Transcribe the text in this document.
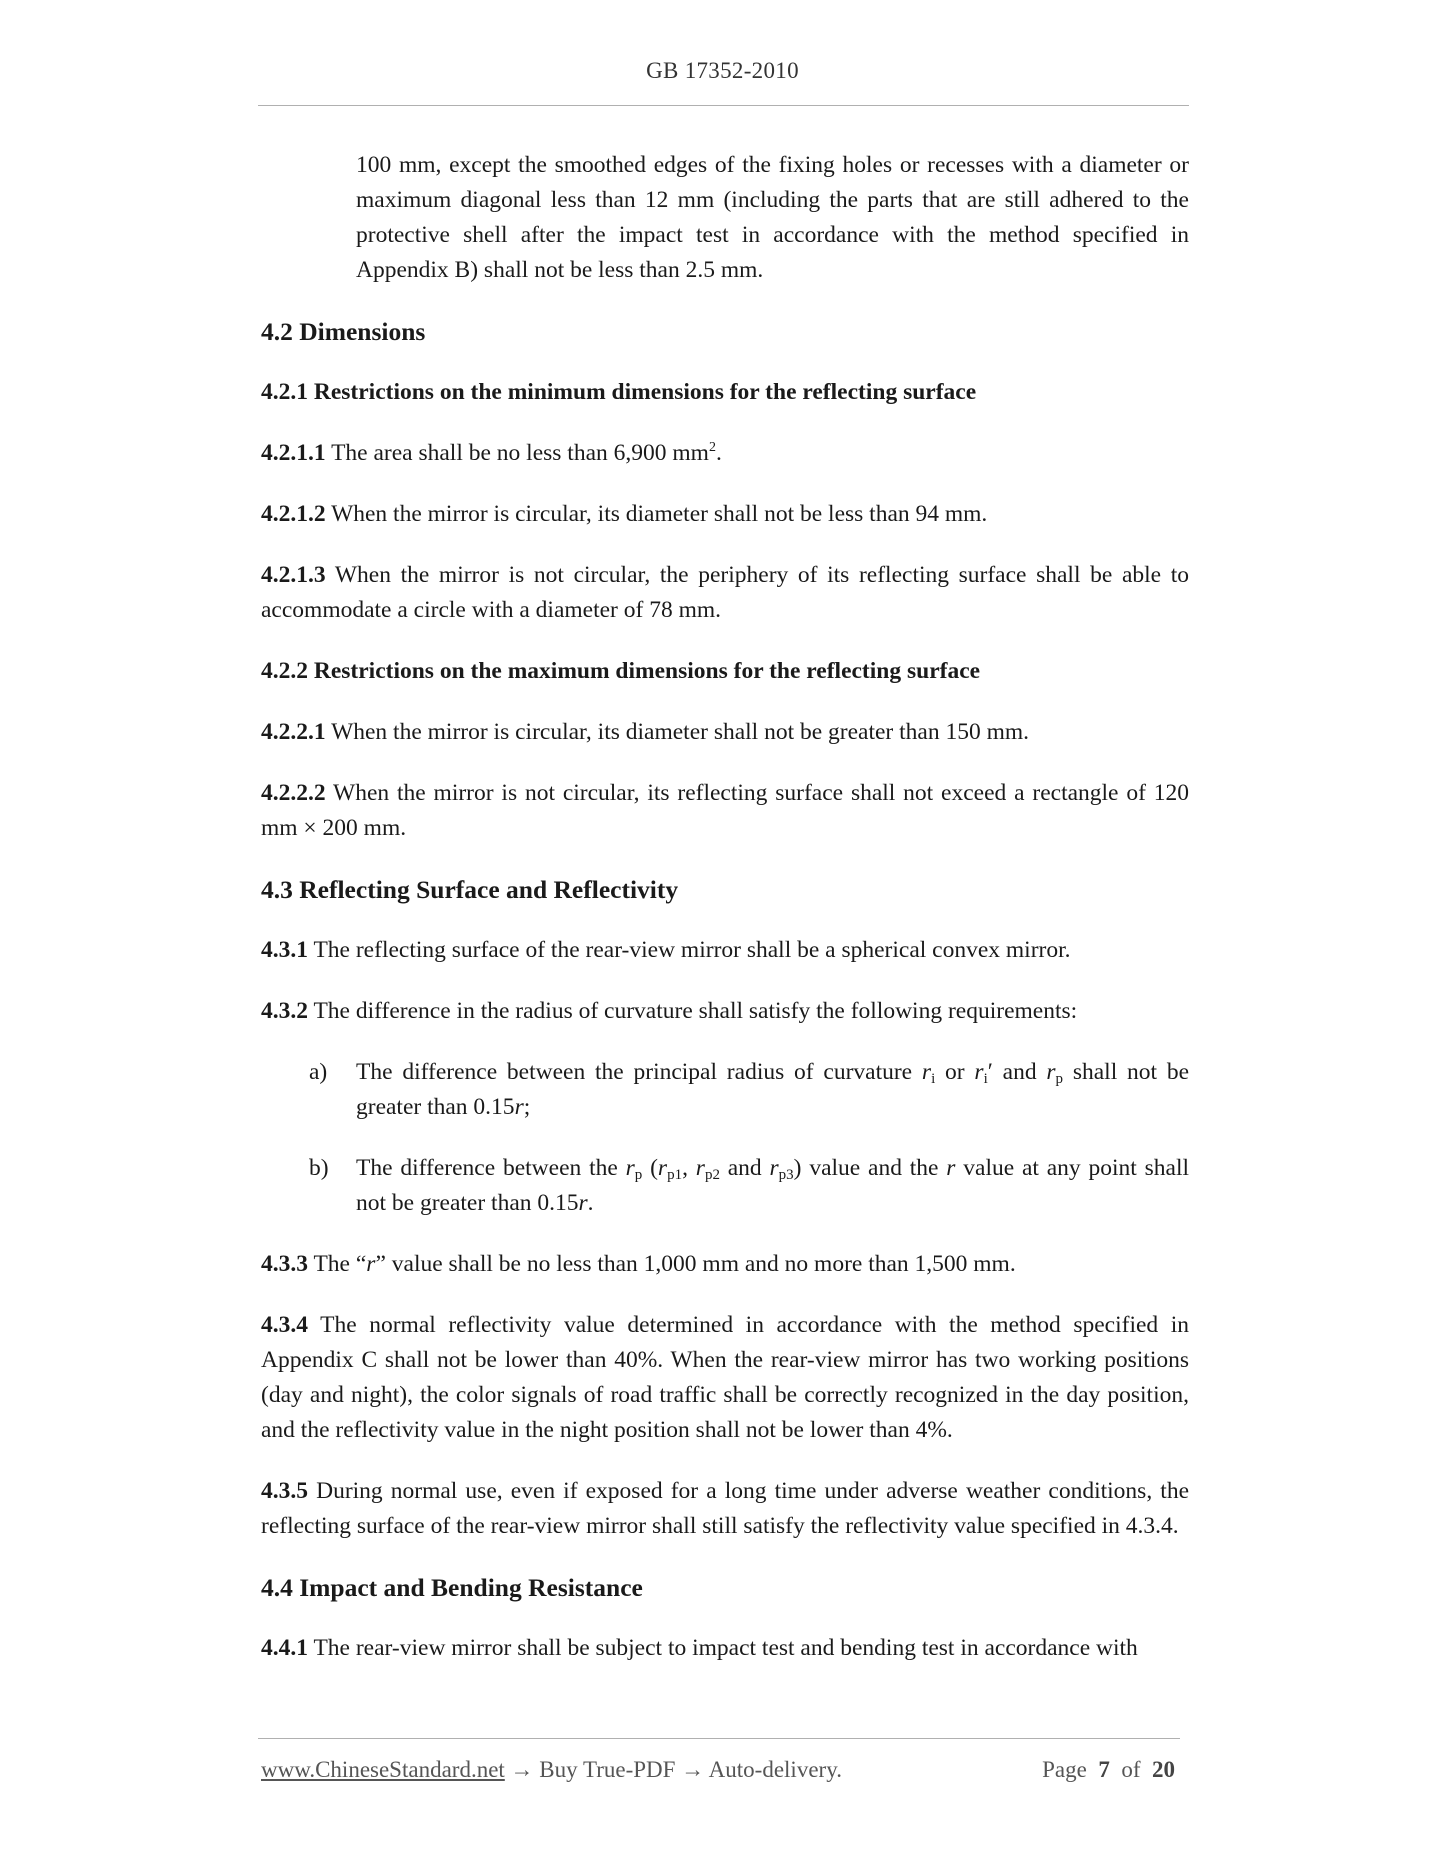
GB 17352-2010

100 mm, except the smoothed edges of the fixing holes or recesses with a diameter or maximum diagonal less than 12 mm (including the parts that are still adhered to the protective shell after the impact test in accordance with the method specified in Appendix B) shall not be less than 2.5 mm.

4.2 Dimensions
4.2.1 Restrictions on the minimum dimensions for the reflecting surface

4.2.1.1 The area shall be no less than 6,900 $mm^2$.

4.2.1.2 When the mirror is circular, its diameter shall not be less than 94 mm.

4.2.1.3 When the mirror is not circular, the periphery of its reflecting surface shall be able to accommodate a circle with a diameter of 78 mm.

4.2.2 Restrictions on the maximum dimensions for the reflecting surface

4.2.2.1 When the mirror is circular, its diameter shall not be greater than 150 mm.

4.2.2.2 When the mirror is not circular, its reflecting surface shall not exceed a rectangle of 120 mm × 200 mm.

4.3 Reflecting Surface and Reflectivity

4.3.1 The reflecting surface of the rear-view mirror shall be a spherical convex mirror.

4.3.2 The difference in the radius of curvature shall satisfy the following requirements:

a)	The difference between the principal radius of curvature $r_i$ or $r_i'$ and $r_p$ shall not be greater than 0.15r;
b)	The difference between the $r_p$ ($r_{p1}$, $r_{p2}$ and $r_{p3}$) value and the r value at any point shall not be greater than 0.15r.

4.3.3 The “r” value shall be no less than 1,000 mm and no more than 1,500 mm.

4.3.4 The normal reflectivity value determined in accordance with the method specified in Appendix C shall not be lower than 40%. When the rear-view mirror has two working positions (day and night), the color signals of road traffic shall be correctly recognized in the day position, and the reflectivity value in the night position shall not be lower than 4%.

4.3.5 During normal use, even if exposed for a long time under adverse weather conditions, the reflecting surface of the rear-view mirror shall still satisfy the reflectivity value specified in 4.3.4.

4.4 Impact and Bending Resistance

4.4.1 The rear-view mirror shall be subject to impact test and bending test in accordance with

www.ChineseStandard.net → Buy True-PDF → Auto-delivery.	Page 7 of 20
